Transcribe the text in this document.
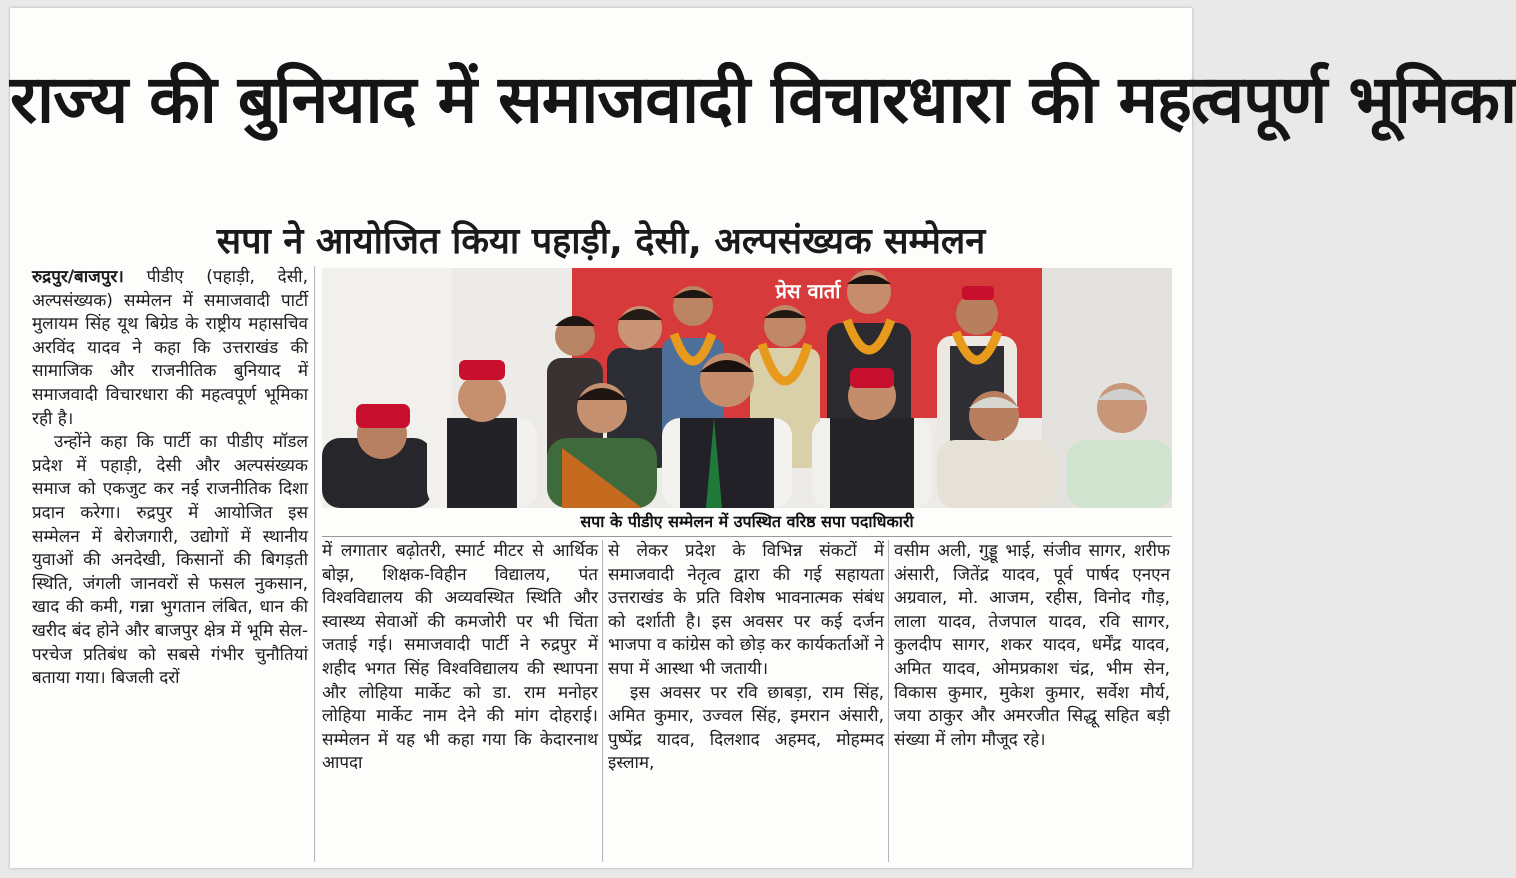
राज्य की बुनियाद में समाजवादी विचारधारा की महत्वपूर्ण भूमिका
सपा ने आयोजित किया पहाड़ी, देसी, अल्पसंख्यक सम्मेलन

रुद्रपुर/बाजपुर। पीडीए (पहाड़ी, देसी, अल्पसंख्यक) सम्मेलन में समाजवादी पार्टी मुलायम सिंह यूथ बिग्रेड के राष्ट्रीय महासचिव अरविंद यादव ने कहा कि उत्तराखंड की सामाजिक और राजनीतिक बुनियाद में समाजवादी विचारधारा की महत्वपूर्ण भूमिका रही है।

उन्होंने कहा कि पार्टी का पीडीए मॉडल प्रदेश में पहाड़ी, देसी और अल्पसंख्यक समाज को एकजुट कर नई राजनीतिक दिशा प्रदान करेगा। रुद्रपुर में आयोजित इस सम्मेलन में बेरोजगारी, उद्योगों में स्थानीय युवाओं की अनदेखी, किसानों की बिगड़ती स्थिति, जंगली जानवरों से फसल नुकसान, खाद की कमी, गन्ना भुगतान लंबित, धान की खरीद बंद होने और बाजपुर क्षेत्र में भूमि सेल-परचेज प्रतिबंध को सबसे गंभीर चुनौतियां बताया गया। बिजली दरों

प्रेस वार्ता
सपा के पीडीए सम्मेलन में उपस्थित वरिष्ठ सपा पदाधिकारी

में लगातार बढ़ोतरी, स्मार्ट मीटर से आर्थिक बोझ, शिक्षक-विहीन विद्यालय, पंत विश्वविद्यालय की अव्यवस्थित स्थिति और स्वास्थ्य सेवाओं की कमजोरी पर भी चिंता जताई गई। समाजवादी पार्टी ने रुद्रपुर में शहीद भगत सिंह विश्वविद्यालय की स्थापना और लोहिया मार्केट को डा. राम मनोहर लोहिया मार्केट नाम देने की मांग दोहराई। सम्मेलन में यह भी कहा गया कि केदारनाथ आपदा

से लेकर प्रदेश के विभिन्न संकटों में समाजवादी नेतृत्व द्वारा की गई सहायता उत्तराखंड के प्रति विशेष भावनात्मक संबंध को दर्शाती है। इस अवसर पर कई दर्जन भाजपा व कांग्रेस को छोड़ कर कार्यकर्ताओं ने सपा में आस्था भी जतायी।

इस अवसर पर रवि छाबड़ा, राम सिंह, अमित कुमार, उज्वल सिंह, इमरान अंसारी, पुष्पेंद्र यादव, दिलशाद अहमद, मोहम्मद इस्लाम,

वसीम अली, गुड्डू भाई, संजीव सागर, शरीफ अंसारी, जितेंद्र यादव, पूर्व पार्षद एनएन अग्रवाल, मो. आजम, रहीस, विनोद गौड़, लाला यादव, तेजपाल यादव, रवि सागर, कुलदीप सागर, शकर यादव, धर्मेंद्र यादव, अमित यादव, ओमप्रकाश चंद्र, भीम सेन, विकास कुमार, मुकेश कुमार, सर्वेश मौर्य, जया ठाकुर और अमरजीत सिद्धू सहित बड़ी संख्या में लोग मौजूद रहे।
